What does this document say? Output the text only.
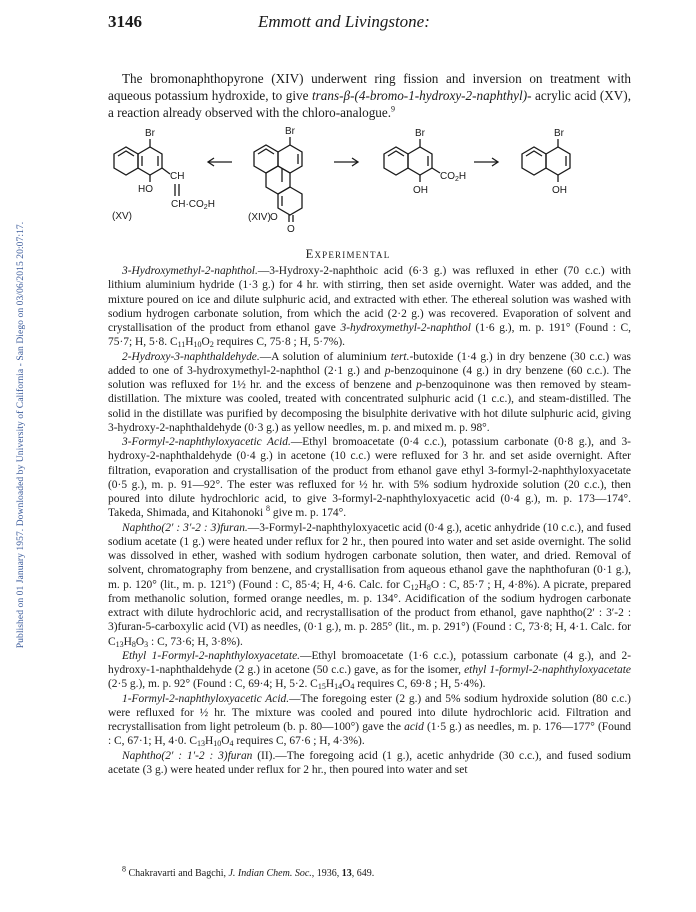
Published on 01 January 1957. Downloaded by University of California - San Diego on 03/06/2015 20:07:17.
3146	Emmott and Livingstone:

The bromonaphthopyrone (XIV) underwent ring fission and inversion on treatment with aqueous potassium hydroxide, to give trans-β-(4-bromo-1-hydroxy-2-naphthyl)- acrylic acid (XV), a reaction already observed with the chloro-analogue.$^9$

Br
HO
CH
$CH\cdot CO_2H$
(XV)
Br
O
O
(XIV)
Br
$CO_2H$
OH
Br
OH
Experimental

3-Hydroxymethyl-2-naphthol.—3-Hydroxy-2-naphthoic acid (6·3 g.) was refluxed in ether (70 c.c.) with lithium aluminium hydride (1·3 g.) for 4 hr. with stirring, then set aside overnight. Water was added, and the mixture poured on ice and dilute sulphuric acid, and extracted with ether. The ethereal solution was washed with sodium hydrogen carbonate solution, from which the acid (2·2 g.) was recovered. Evaporation of solvent and crystallisation of the product from ethanol gave 3-hydroxymethyl-2-naphthol (1·6 g.), m. p. 191° (Found : C, 75·7; H, 5·8. $C_{11}H_{10}O_2$ requires C, 75·8 ; H, 5·7%).

2-Hydroxy-3-naphthaldehyde.—A solution of aluminium tert.-butoxide (1·4 g.) in dry benzene (30 c.c.) was added to one of 3-hydroxymethyl-2-naphthol (2·1 g.) and p-benzoquinone (4 g.) in dry benzene (60 c.c.). The solution was refluxed for 1½ hr. and the excess of benzene and p-benzoquinone was then removed by steam-distillation. The mixture was cooled, treated with concentrated sulphuric acid (1 c.c.), and steam-distilled. The solid in the distillate was purified by decomposing the bisulphite derivative with hot dilute sulphuric acid, giving 3-hydroxy-2-naphthaldehyde (0·3 g.) as yellow needles, m. p. and mixed m. p. 98°.

3-Formyl-2-naphthyloxyacetic Acid.—Ethyl bromoacetate (0·4 c.c.), potassium carbonate (0·8 g.), and 3-hydroxy-2-naphthaldehyde (0·4 g.) in acetone (10 c.c.) were refluxed for 3 hr. and set aside overnight. After filtration, evaporation and crystallisation of the product from ethanol gave ethyl 3-formyl-2-naphthyloxyacetate (0·5 g.), m. p. 91—92°. The ester was refluxed for ½ hr. with 5% sodium hydroxide solution (20 c.c.), then poured into dilute hydrochloric acid, to give 3-formyl-2-naphthyloxyacetic acid (0·4 g.), m. p. 173—174°. Takeda, Shimada, and Kitahonoki $^8$ give m. p. 174°.

Naphtho(2′ : 3′-2 : 3)furan.—3-Formyl-2-naphthyloxyacetic acid (0·4 g.), acetic anhydride (10 c.c.), and fused sodium acetate (1 g.) were heated under reflux for 2 hr., then poured into water and set aside overnight. The solid was dissolved in ether, washed with sodium hydrogen carbonate solution, then water, and dried. Removal of solvent, chromatography from benzene, and crystallisation from aqueous ethanol gave the naphthofuran (0·1 g.), m. p. 120° (lit., m. p. 121°) (Found : C, 85·4; H, 4·6. Calc. for $C_{12}H_8O$ : C, 85·7 ; H, 4·8%). A picrate, prepared from methanolic solution, formed orange needles, m. p. 134°. Acidification of the sodium hydrogen carbonate extract with dilute hydrochloric acid, and recrystallisation of the product from ethanol, gave naphtho(2′ : 3′-2 : 3)furan-5-carboxylic acid (VI) as needles, (0·1 g.), m. p. 285° (lit., m. p. 291°) (Found : C, 73·8; H, 4·1. Calc. for $C_{13}H_8O_3$ : C, 73·6; H, 3·8%).

Ethyl 1-Formyl-2-naphthyloxyacetate.—Ethyl bromoacetate (1·6 c.c.), potassium carbonate (4 g.), and 2-hydroxy-1-naphthaldehyde (2 g.) in acetone (50 c.c.) gave, as for the isomer, ethyl 1-formyl-2-naphthyloxyacetate (2·5 g.), m. p. 92° (Found : C, 69·4; H, 5·2. $C_{15}H_{14}O_4$ requires C, 69·8 ; H, 5·4%).

1-Formyl-2-naphthyloxyacetic Acid.—The foregoing ester (2 g.) and 5% sodium hydroxide solution (80 c.c.) were refluxed for ½ hr. The mixture was cooled and poured into dilute hydrochloric acid. Filtration and recrystallisation from light petroleum (b. p. 80—100°) gave the acid (1·5 g.) as needles, m. p. 176—177° (Found : C, 67·1; H, 4·0. $C_{13}H_{10}O_4$ requires C, 67·6 ; H, 4·3%).

Naphtho(2′ : 1′-2 : 3)furan (II).—The foregoing acid (1 g.), acetic anhydride (30 c.c.), and fused sodium acetate (3 g.) were heated under reflux for 2 hr., then poured into water and set

$^8$ Chakravarti and Bagchi, J. Indian Chem. Soc., 1936, 13, 649.
